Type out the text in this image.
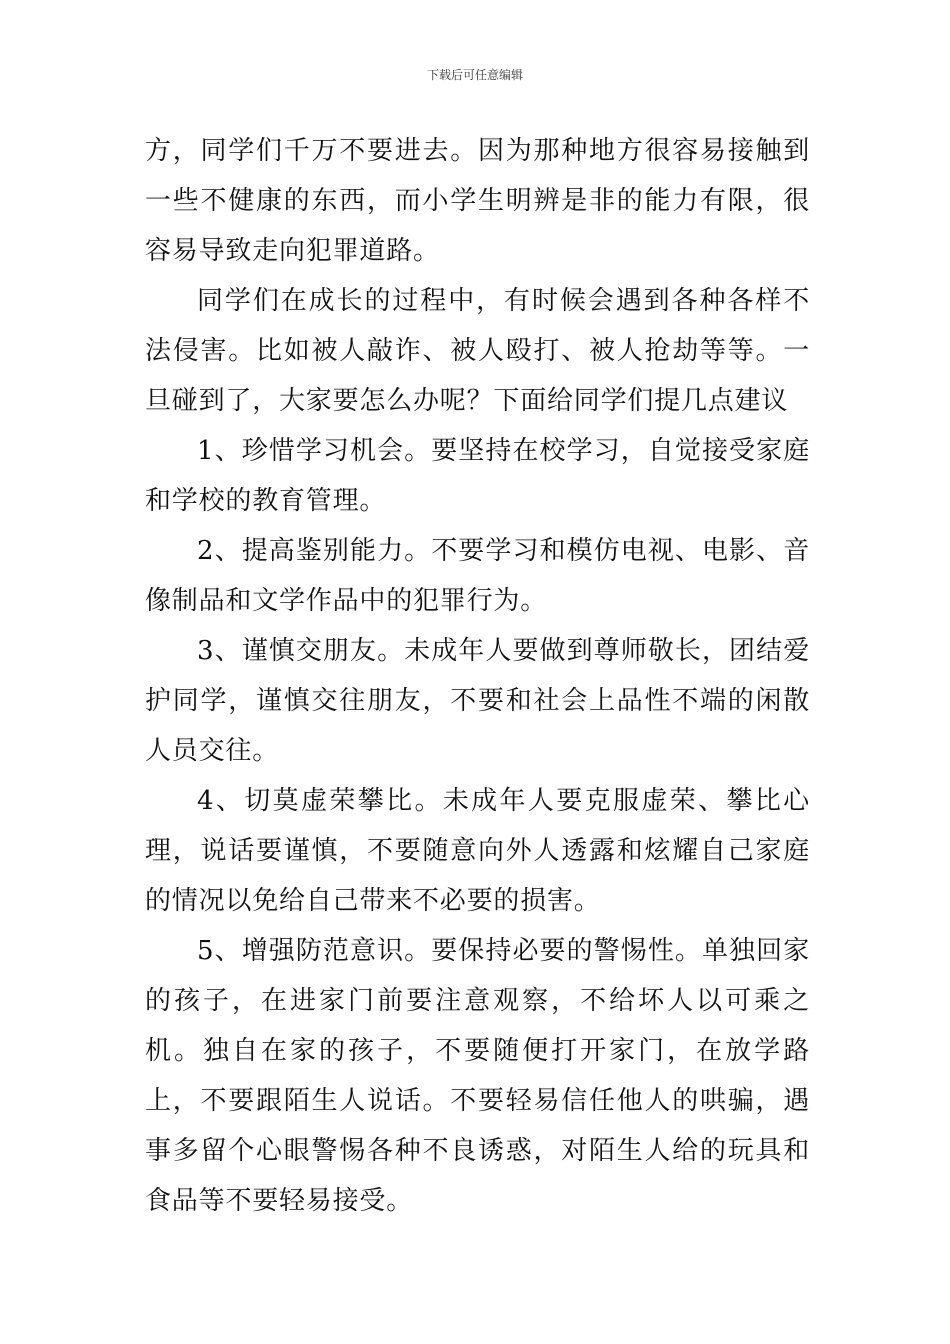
下载后可任意编辑

方，同学们千万不要进去。因为那种地方很容易接触到一些不健康的东西，而小学生明辨是非的能力有限，很容易导致走向犯罪道路。

同学们在成长的过程中，有时候会遇到各种各样不法侵害。比如被人敲诈、被人殴打、被人抢劫等等。一旦碰到了，大家要怎么办呢？下面给同学们提几点建议

1、珍惜学习机会。要坚持在校学习，自觉接受家庭和学校的教育管理。

2、提高鉴别能力。不要学习和模仿电视、电影、音像制品和文学作品中的犯罪行为。

3、谨慎交朋友。未成年人要做到尊师敬长，团结爱护同学，谨慎交往朋友，不要和社会上品性不端的闲散人员交往。

4、切莫虚荣攀比。未成年人要克服虚荣、攀比心理，说话要谨慎，不要随意向外人透露和炫耀自己家庭的情况以免给自己带来不必要的损害。

5、增强防范意识。要保持必要的警惕性。单独回家的孩子，在进家门前要注意观察，不给坏人以可乘之机。独自在家的孩子，不要随便打开家门，在放学路上，不要跟陌生人说话。不要轻易信任他人的哄骗，遇事多留个心眼警惕各种不良诱惑，对陌生人给的玩具和食品等不要轻易接受。
